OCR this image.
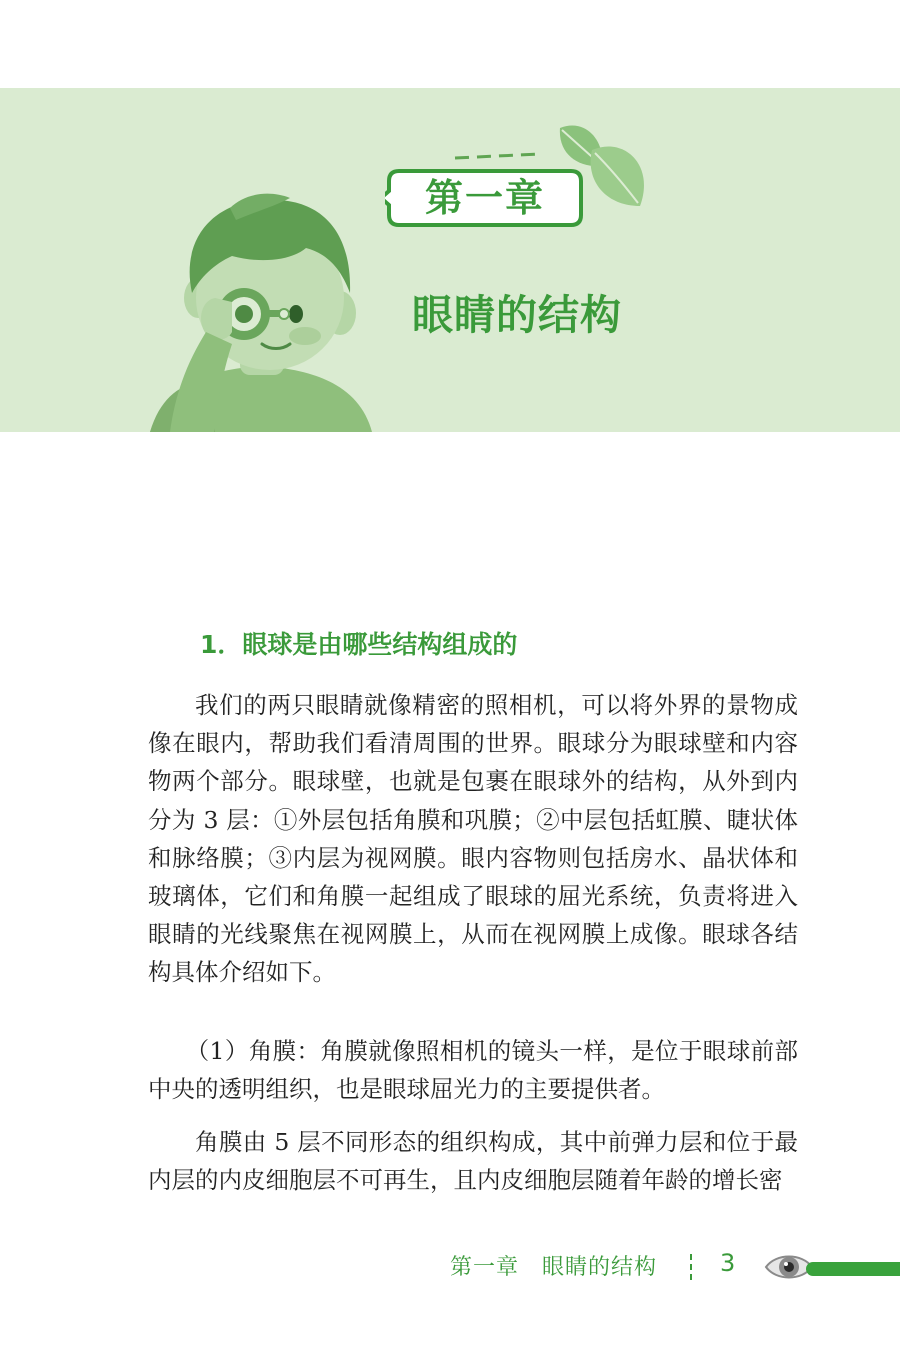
第一章
眼睛的结构
1．眼球是由哪些结构组成的
我们的两只眼睛就像精密的照相机，可以将外界的景物成像在眼内，帮助我们看清周围的世界。眼球分为眼球壁和内容物两个部分。眼球壁，也就是包裹在眼球外的结构，从外到内分为 3 层：①外层包括角膜和巩膜；②中层包括虹膜、睫状体和脉络膜；③内层为视网膜。眼内容物则包括房水、晶状体和玻璃体，它们和角膜一起组成了眼球的屈光系统，负责将进入眼睛的光线聚焦在视网膜上，从而在视网膜上成像。眼球各结构具体介绍如下。
（1）角膜：角膜就像照相机的镜头一样，是位于眼球前部中央的透明组织，也是眼球屈光力的主要提供者。
角膜由 5 层不同形态的组织构成，其中前弹力层和位于最内层的内皮细胞层不可再生，且内皮细胞层随着年龄的增长密
第一章　眼睛的结构	3
